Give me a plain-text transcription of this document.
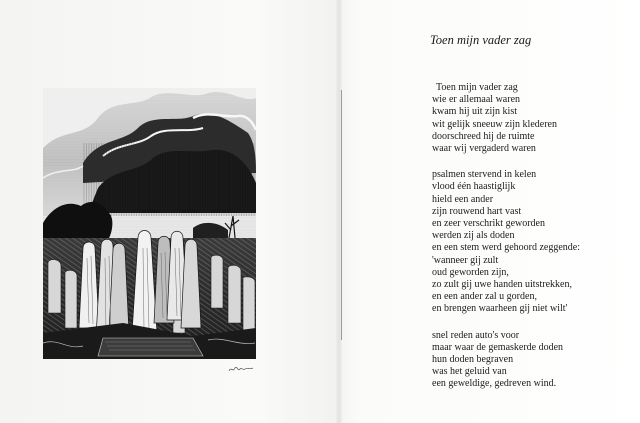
Toen mijn vader zag
Toen mijn vader zag
wie er allemaal waren
kwam hij uit zijn kist
wit gelijk sneeuw zijn klederen
doorschreed hij de ruimte
waar wij vergaderd waren
psalmen stervend in kelen
vlood één haastiglijk
hield een ander
zijn rouwend hart vast
en zeer verschrikt geworden
werden zij als doden
en een stem werd gehoord zeggende:
'wanneer gij zult
oud geworden zijn,
zo zult gij uwe handen uitstrekken,
en een ander zal u gorden,
en brengen waarheen gij niet wilt'
snel reden auto's voor
maar waar de gemaskerde doden
hun doden begraven
was het geluid van
een geweldige, gedreven wind.
